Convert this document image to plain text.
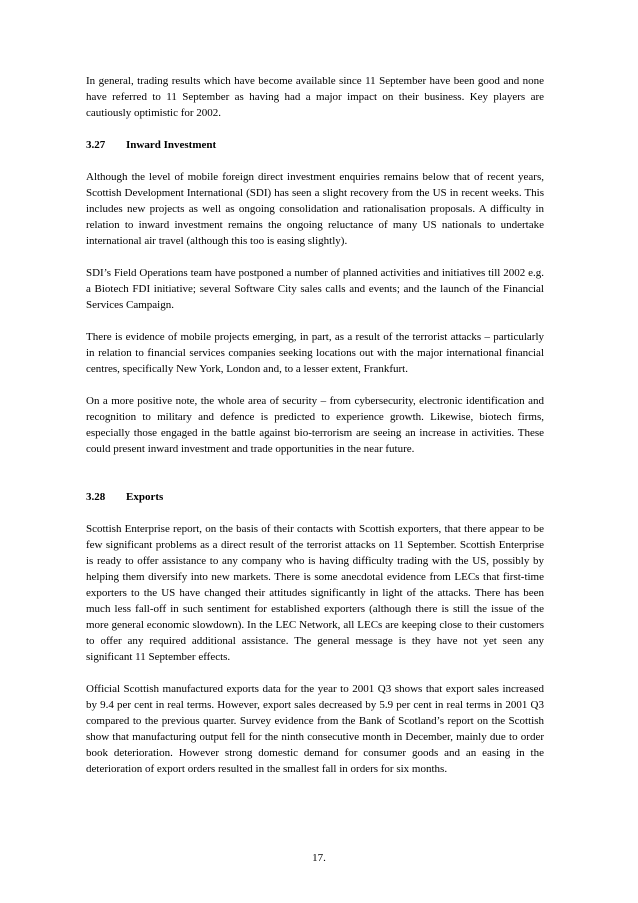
In general, trading results which have become available since 11 September have been good and none have referred to 11 September as having had a major impact on their business. Key players are cautiously optimistic for 2002.

3.27 Inward Investment

Although the level of mobile foreign direct investment enquiries remains below that of recent years, Scottish Development International (SDI) has seen a slight recovery from the US in recent weeks. This includes new projects as well as ongoing consolidation and rationalisation proposals. A difficulty in relation to inward investment remains the ongoing reluctance of many US nationals to undertake international air travel (although this too is easing slightly).

SDI’s Field Operations team have postponed a number of planned activities and initiatives till 2002 e.g. a Biotech FDI initiative; several Software City sales calls and events; and the launch of the Financial Services Campaign.

There is evidence of mobile projects emerging, in part, as a result of the terrorist attacks – particularly in relation to financial services companies seeking locations out with the major international financial centres, specifically New York, London and, to a lesser extent, Frankfurt.

On a more positive note, the whole area of security – from cybersecurity, electronic identification and recognition to military and defence is predicted to experience growth. Likewise, biotech firms, especially those engaged in the battle against bio-terrorism are seeing an increase in activities. These could present inward investment and trade opportunities in the near future.

3.28 Exports

Scottish Enterprise report, on the basis of their contacts with Scottish exporters, that there appear to be few significant problems as a direct result of the terrorist attacks on 11 September. Scottish Enterprise is ready to offer assistance to any company who is having difficulty trading with the US, possibly by helping them diversify into new markets. There is some anecdotal evidence from LECs that first-time exporters to the US have changed their attitudes significantly in light of the attacks. There has been much less fall-off in such sentiment for established exporters (although there is still the issue of the more general economic slowdown). In the LEC Network, all LECs are keeping close to their customers to offer any required additional assistance. The general message is they have not yet seen any significant 11 September effects.

Official Scottish manufactured exports data for the year to 2001 Q3 shows that export sales increased by 9.4 per cent in real terms. However, export sales decreased by 5.9 per cent in real terms in 2001 Q3 compared to the previous quarter. Survey evidence from the Bank of Scotland’s report on the Scottish show that manufacturing output fell for the ninth consecutive month in December, mainly due to order book deterioration. However strong domestic demand for consumer goods and an easing in the deterioration of export orders resulted in the smallest fall in orders for six months.

17.
